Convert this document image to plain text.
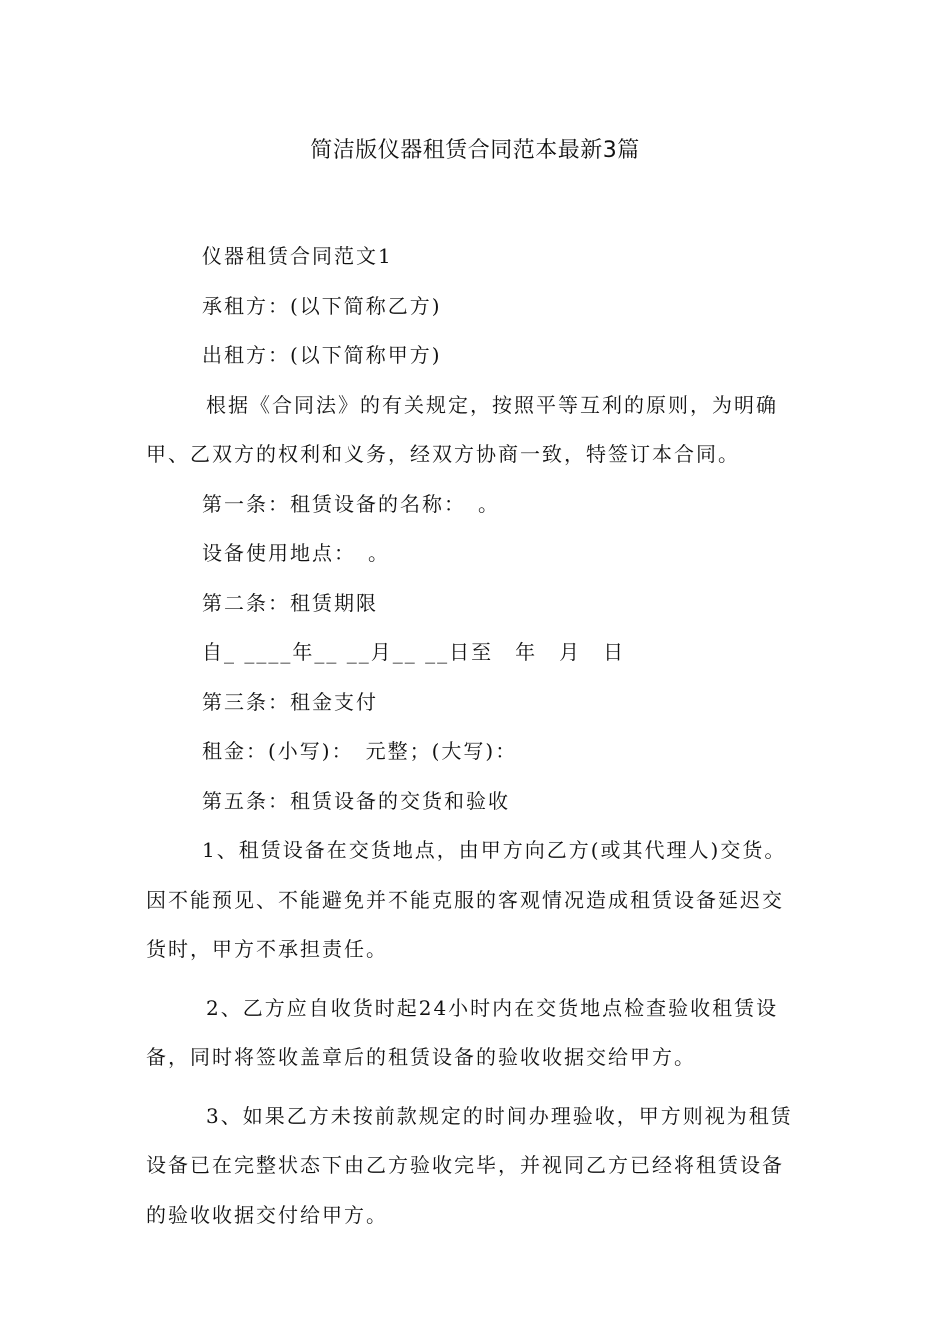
简洁版仪器租赁合同范本最新3篇

仪器租赁合同范文1

承租方：(以下简称乙方)

出租方：(以下简称甲方)

根据《合同法》的有关规定，按照平等互利的原则，为明确

甲、乙双方的权利和义务，经双方协商一致，特签订本合同。

第一条：租赁设备的名称：　。

设备使用地点：　。

第二条：租赁期限

自_ ____年__ __月__ __日至　年　月　日

第三条：租金支付

租金：(小写)：　元整；(大写)：

第五条：租赁设备的交货和验收

1、租赁设备在交货地点，由甲方向乙方(或其代理人)交货。

因不能预见、不能避免并不能克服的客观情况造成租赁设备延迟交

货时，甲方不承担责任。

2、乙方应自收货时起24小时内在交货地点检查验收租赁设

备，同时将签收盖章后的租赁设备的验收收据交给甲方。

3、如果乙方未按前款规定的时间办理验收，甲方则视为租赁

设备已在完整状态下由乙方验收完毕，并视同乙方已经将租赁设备

的验收收据交付给甲方。
